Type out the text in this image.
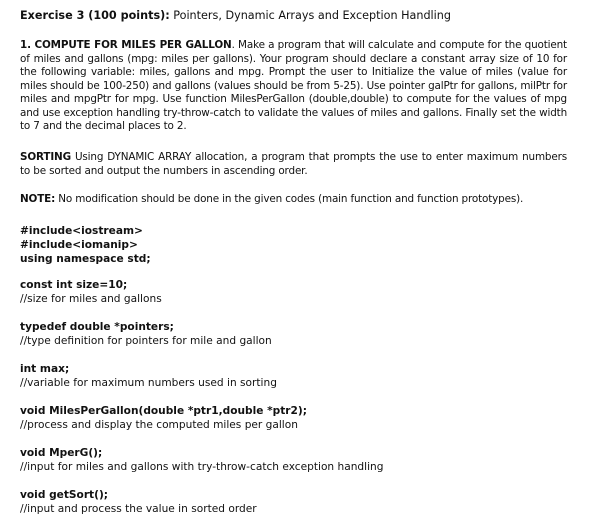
Exercise 3 (100 points): Pointers, Dynamic Arrays and Exception Handling
1. COMPUTE FOR MILES PER GALLON. Make a program that will calculate and compute for the quotient of miles and gallons (mpg: miles per gallons). Your program should declare a constant array size of 10 for the following variable: miles, gallons and mpg. Prompt the user to Initialize the value of miles (value for miles should be 100-250) and gallons (values should be from 5-25). Use pointer galPtr for gallons, milPtr for miles and mpgPtr for mpg. Use function MilesPerGallon (double,double) to compute for the values of mpg and use exception handling try-throw-catch to validate the values of miles and gallons. Finally set the width to 7 and the decimal places to 2.
SORTING Using DYNAMIC ARRAY allocation, a program that prompts the use to enter maximum numbers to be sorted and output the numbers in ascending order.
NOTE: No modification should be done in the given codes (main function and function prototypes).
#include<iostream>
#include<iomanip>
using namespace std;
const int size=10;
//size for miles and gallons
typedef double *pointers;
//type definition for pointers for mile and gallon
int max;
//variable for maximum numbers used in sorting
void MilesPerGallon(double *ptr1,double *ptr2);
//process and display the computed miles per gallon
void MperG();
//input for miles and gallons with try-throw-catch exception handling
void getSort();
//input and process the value in sorted order
